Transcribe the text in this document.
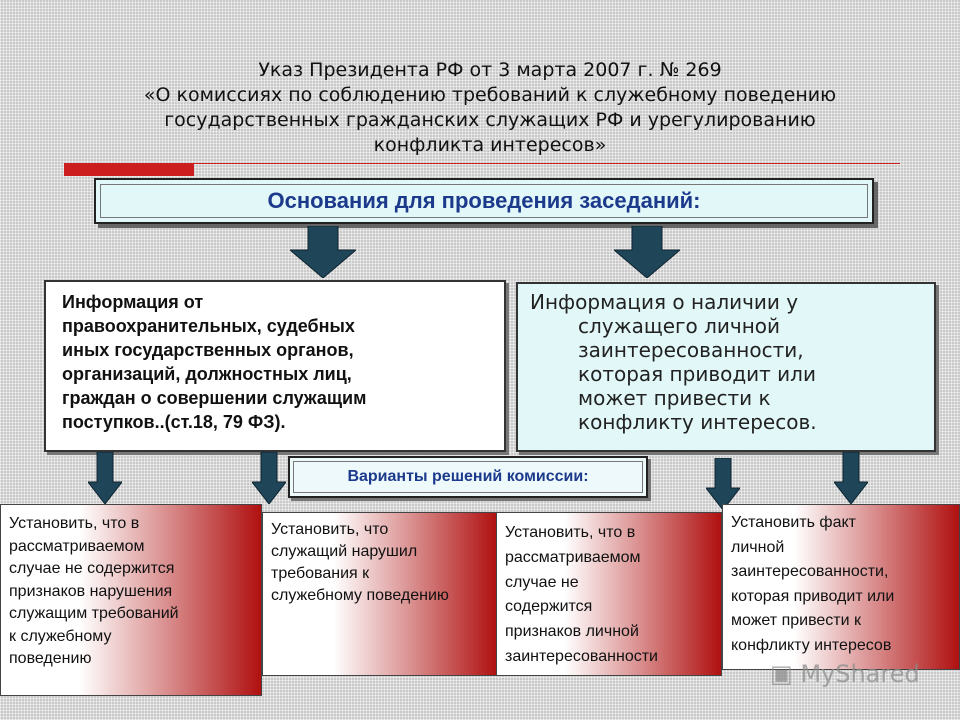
Указ Президента РФ от 3 марта 2007 г. № 269
«О комиссиях по соблюдению требований к служебному поведению
государственных гражданских служащих РФ и урегулированию
конфликта интересов»
Основания для проведения заседаний:
Информация от
правоохранительных, судебных
иных государственных органов,
организаций, должностных лиц,
граждан о совершении служащим
поступков..(ст.18, 79 ФЗ).
Информация о наличии у
служащего личной
заинтересованности,
которая приводит или
может привести к
конфликту интересов.
Варианты решений комиссии:
Установить, что в
рассматриваемом
случае не содержится
признаков нарушения
служащим требований
к служебному
поведению
Установить, что
служащий нарушил
требования к
служебному поведению
Установить, что в
рассматриваемом
случае не
содержится
признаков личной
заинтересованности
Установить факт
личной
заинтересованности,
которая приводит или
может привести к
конфликту интересов
▣ MyShared
